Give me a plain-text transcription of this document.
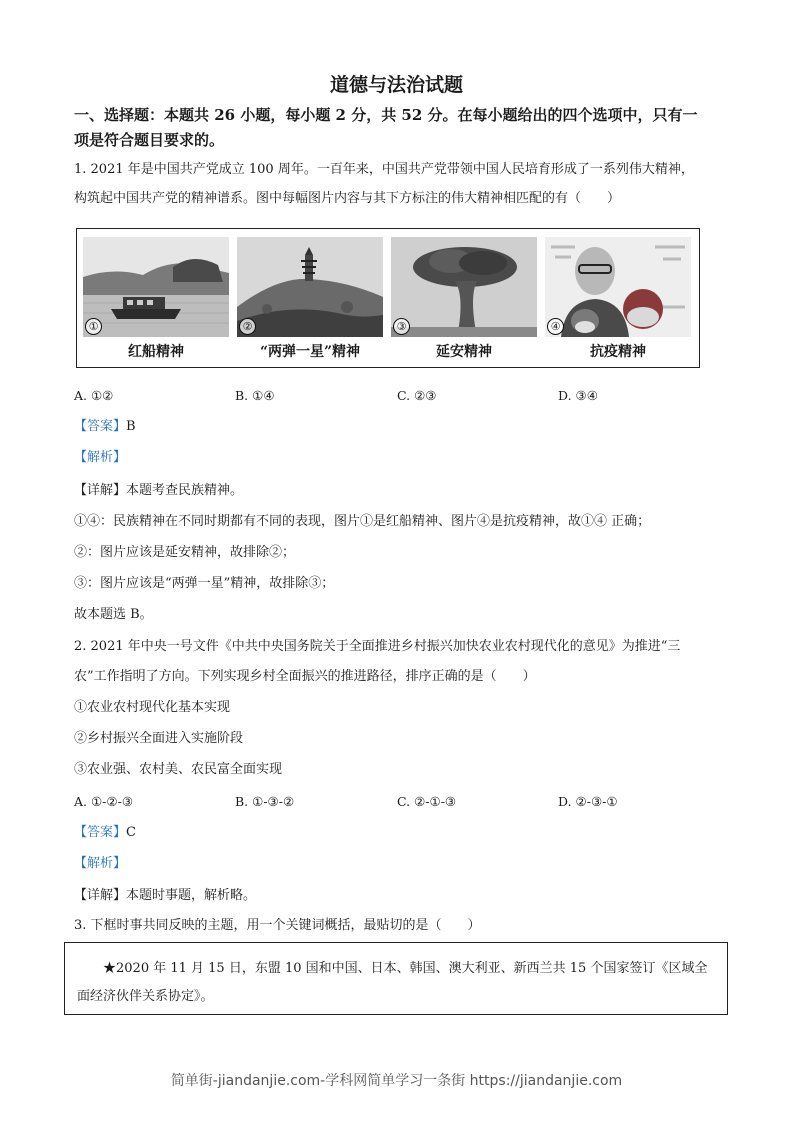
道德与法治试题
一、选择题：本题共 26 小题，每小题 2 分，共 52 分。在每小题给出的四个选项中，只有一
项是符合题目要求的。
1. 2021 年是中国共产党成立 100 周年。一百年来，中国共产党带领中国人民培育形成了一系列伟大精神，
构筑起中国共产党的精神谱系。图中每幅图片内容与其下方标注的伟大精神相匹配的有（　　）
①
红船精神
②
“两弹一星”精神
③
延安精神
④
抗疫精神
A. ①②	B. ①④	C. ②③	D. ③④
【答案】B
【解析】
【详解】本题考查民族精神。
①④：民族精神在不同时期都有不同的表现，图片①是红船精神、图片④是抗疫精神，故①④ 正确；
②：图片应该是延安精神，故排除②；
③：图片应该是“两弹一星”精神，故排除③；
故本题选 B。
2. 2021 年中央一号文件《中共中央国务院关于全面推进乡村振兴加快农业农村现代化的意见》为推进“三
农”工作指明了方向。下列实现乡村全面振兴的推进路径，排序正确的是（　　）
①农业农村现代化基本实现
②乡村振兴全面进入实施阶段
③农业强、农村美、农民富全面实现
A. ①-②-③	B. ①-③-②	C. ②-①-③	D. ②-③-①
【答案】C
【解析】
【详解】本题时事题，解析略。
3. 下框时事共同反映的主题，用一个关键词概括，最贴切的是（　　）
★2020 年 11 月 15 日，东盟 10 国和中国、日本、韩国、澳大利亚、新西兰共 15 个国家签订《区域全面经济伙伴关系协定》。
简单街-jiandanjie.com-学科网简单学习一条街 https://jiandanjie.com
